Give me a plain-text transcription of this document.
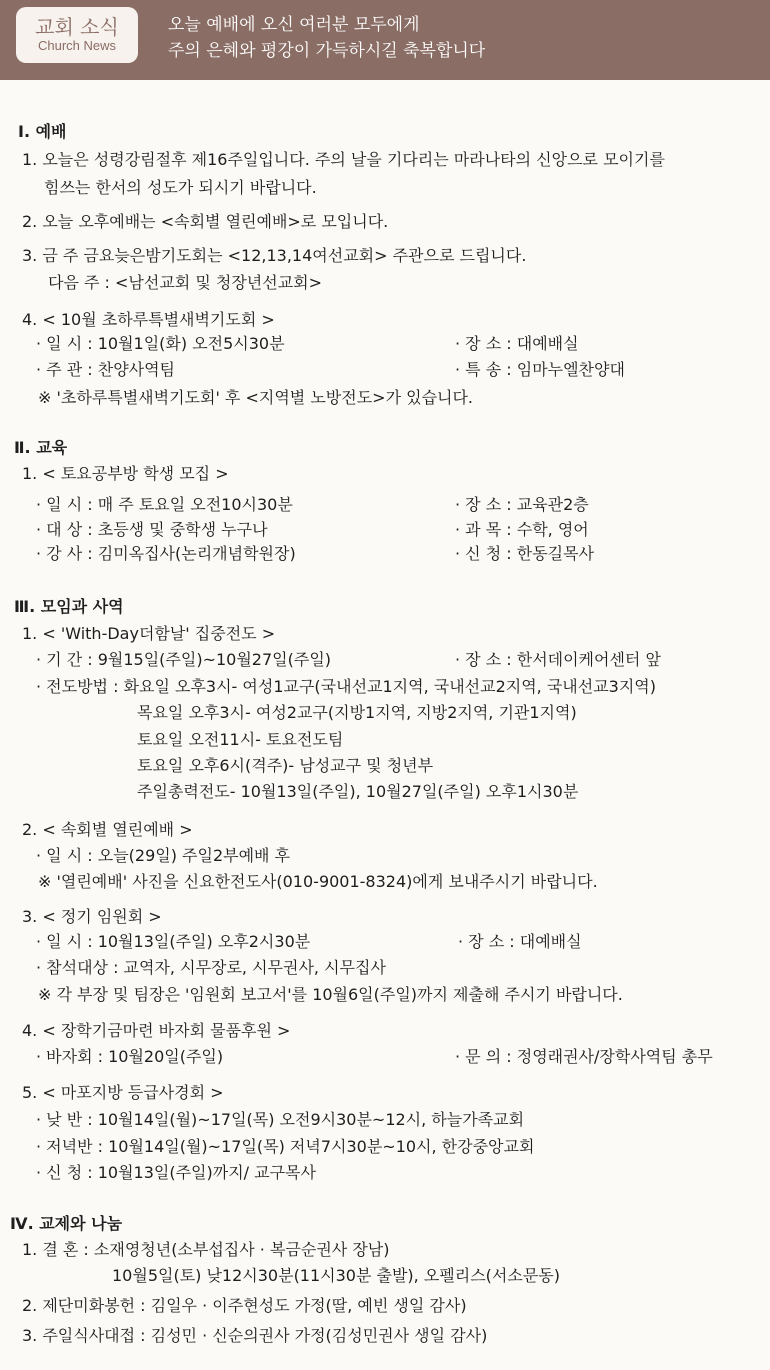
교회 소식
Church News
오늘 예배에 오신 여러분 모두에게
주의 은혜와 평강이 가득하시길 축복합니다
Ⅰ. 예배
1. 오늘은 성령강림절후 제16주일입니다. 주의 날을 기다리는 마라나타의 신앙으로 모이기를
힘쓰는 한서의 성도가 되시기 바랍니다.
2. 오늘 오후예배는 <속회별 열린예배>로 모입니다.
3. 금 주 금요늦은밤기도회는 <12,13,14여선교회> 주관으로 드립니다.
다음 주 : <남선교회 및 청장년선교회>
4. < 10월 초하루특별새벽기도회 >
· 일 시 : 10월1일(화) 오전5시30분	· 장 소 : 대예배실
· 주 관 : 찬양사역팀	· 특 송 : 임마누엘찬양대
※ '초하루특별새벽기도회' 후 <지역별 노방전도>가 있습니다.
Ⅱ. 교육
1. < 토요공부방 학생 모집 >
· 일 시 : 매 주 토요일 오전10시30분	· 장 소 : 교육관2층
· 대 상 : 초등생 및 중학생 누구나	· 과 목 : 수학, 영어
· 강 사 : 김미옥집사(논리개념학원장)	· 신 청 : 한동길목사
Ⅲ. 모임과 사역
1. < 'With-Day더함날' 집중전도 >
· 기 간 : 9월15일(주일)~10월27일(주일)	· 장 소 : 한서데이케어센터 앞
· 전도방법 : 화요일 오후3시- 여성1교구(국내선교1지역, 국내선교2지역, 국내선교3지역)
목요일 오후3시- 여성2교구(지방1지역, 지방2지역, 기관1지역)
토요일 오전11시- 토요전도팀
토요일 오후6시(격주)- 남성교구 및 청년부
주일총력전도- 10월13일(주일), 10월27일(주일) 오후1시30분
2. < 속회별 열린예배 >
· 일 시 : 오늘(29일) 주일2부예배 후
※ '열린예배' 사진을 신요한전도사(010-9001-8324)에게 보내주시기 바랍니다.
3. < 정기 임원회 >
· 일 시 : 10월13일(주일) 오후2시30분	· 장 소 : 대예배실
· 참석대상 : 교역자, 시무장로, 시무권사, 시무집사
※ 각 부장 및 팀장은 '임원회 보고서'를 10월6일(주일)까지 제출해 주시기 바랍니다.
4. < 장학기금마련 바자회 물품후원 >
· 바자회 : 10월20일(주일)	· 문 의 : 정영래권사/장학사역팀 총무
5. < 마포지방 등급사경회 >
· 낮 반 : 10월14일(월)~17일(목) 오전9시30분~12시, 하늘가족교회
· 저녁반 : 10월14일(월)~17일(목) 저녁7시30분~10시, 한강중앙교회
· 신 청 : 10월13일(주일)까지/ 교구목사
Ⅳ. 교제와 나눔
1. 결 혼 : 소재영청년(소부섭집사 · 복금순권사 장남)
10월5일(토) 낮12시30분(11시30분 출발), 오펠리스(서소문동)
2. 제단미화봉헌 : 김일우 · 이주현성도 가정(딸, 예빈 생일 감사)
3. 주일식사대접 : 김성민 · 신순의권사 가정(김성민권사 생일 감사)
